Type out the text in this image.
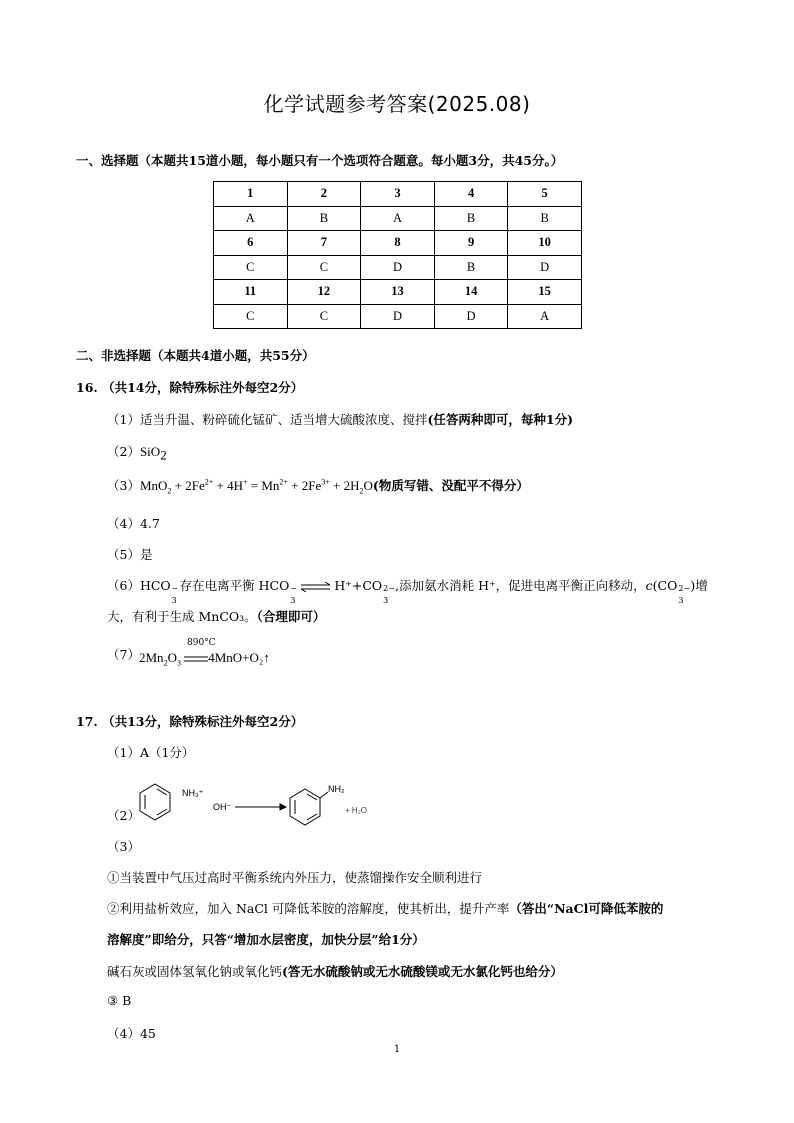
化学试题参考答案(2025.08)
一、选择题（本题共15道小题，每小题只有一个选项符合题意。每小题3分，共45分。）
1	2	3	4	5
A	B	A	B	B
6	7	8	9	10
C	C	D	B	D
11	12	13	14	15
C	C	D	D	A
二、非选择题（本题共4道小题，共55分）
16. （共14分，除特殊标注外每空2分）
（1）适当升温、粉碎硫化锰矿、适当增大硫酸浓度、搅拌(任答两种即可，每种1分)
（2）SiO$_2$
$(3)MnO_2 + 2Fe^{2+} + 4H^+ = Mn^{2+} + 2Fe^{3+} + 2H_2O$(物质写错、没配平不得分）
（4）4.7
（5）是
（6）HCO −
3
存在电离平衡 HCO −
3
⇌ H⁺+CO 2−
3
,添加氨水消耗 H⁺，促进电离平衡正向移动，c(CO 2−
3
)增
大，有利于生成 MnCO₃。（合理即可）
（7）
890°C
$2Mn_2O_3$ 4MnO+O₂↑
17. （共13分，除特殊标注外每空2分）
（1）A（1分）
（2）
NH₃⁺
OH⁻
NH₂
+ H₂O
（3）
①当装置中气压过高时平衡系统内外压力，使蒸馏操作安全顺利进行
②利用盐析效应，加入 NaCl 可降低苯胺的溶解度，使其析出，提升产率（答出“NaCl可降低苯胺的
溶解度”即给分，只答“增加水层密度，加快分层”给1分）
碱石灰或固体氢氧化钠或氧化钙(答无水硫酸钠或无水硫酸镁或无水氯化钙也给分）
③ B
（4）45
1
